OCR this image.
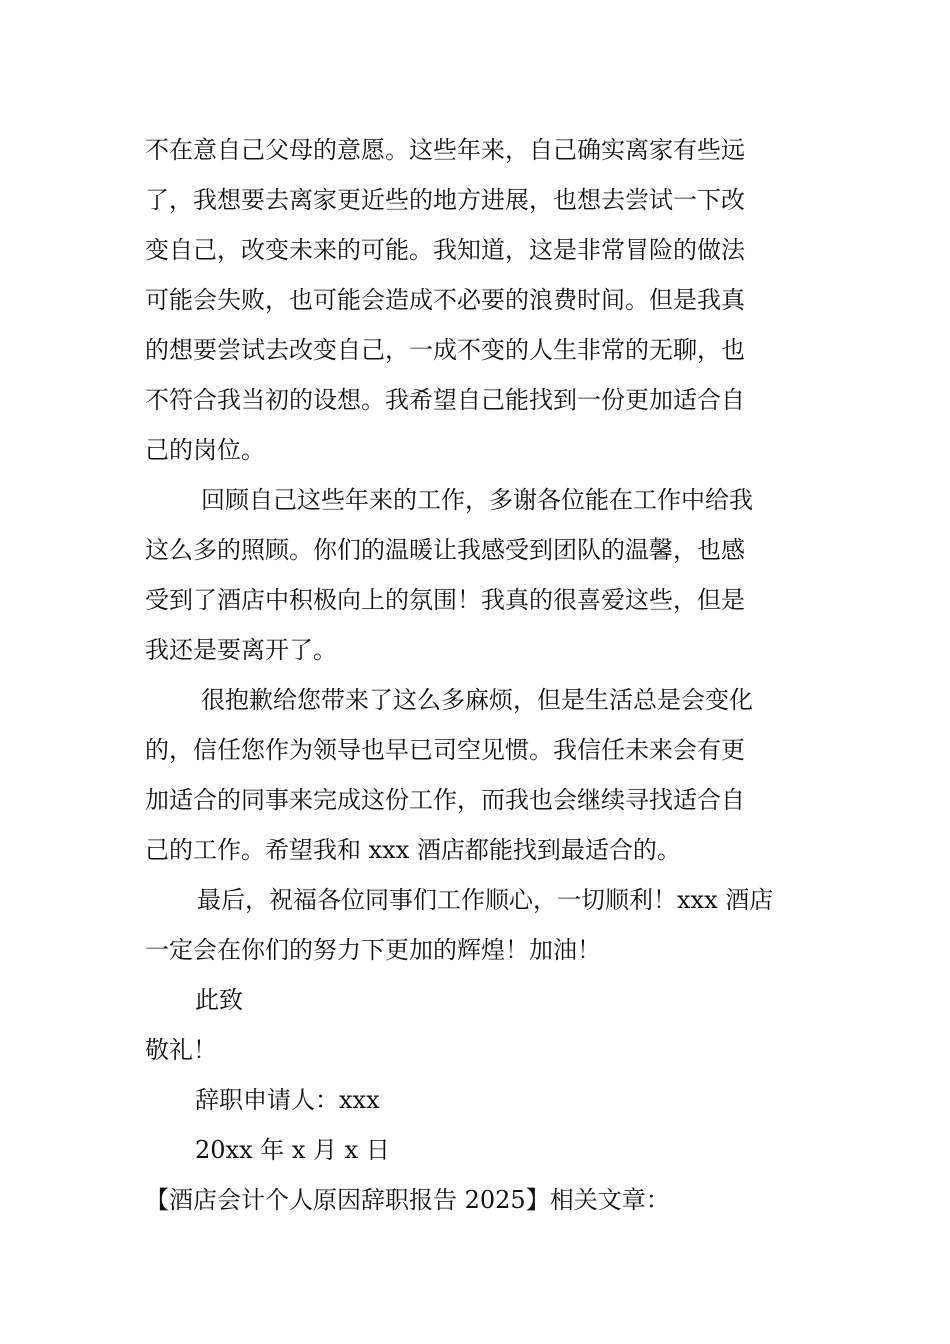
不在意自己父母的意愿。这些年来，自己确实离家有些远
了，我想要去离家更近些的地方进展，也想去尝试一下改
变自己，改变未来的可能。我知道，这是非常冒险的做法
可能会失败，也可能会造成不必要的浪费时间。但是我真
的想要尝试去改变自己，一成不变的人生非常的无聊，也
不符合我当初的设想。我希望自己能找到一份更加适合自
己的岗位。
回顾自己这些年来的工作，多谢各位能在工作中给我
这么多的照顾。你们的温暖让我感受到团队的温馨，也感
受到了酒店中积极向上的氛围！我真的很喜爱这些，但是
我还是要离开了。
很抱歉给您带来了这么多麻烦，但是生活总是会变化
的，信任您作为领导也早已司空见惯。我信任未来会有更
加适合的同事来完成这份工作，而我也会继续寻找适合自
己的工作。希望我和 xxx 酒店都能找到最适合的。
最后，祝福各位同事们工作顺心，一切顺利！xxx 酒店
一定会在你们的努力下更加的辉煌！加油！
此致
敬礼！
辞职申请人：xxx
20xx 年 x 月 x 日
【酒店会计个人原因辞职报告 2025】相关文章：
